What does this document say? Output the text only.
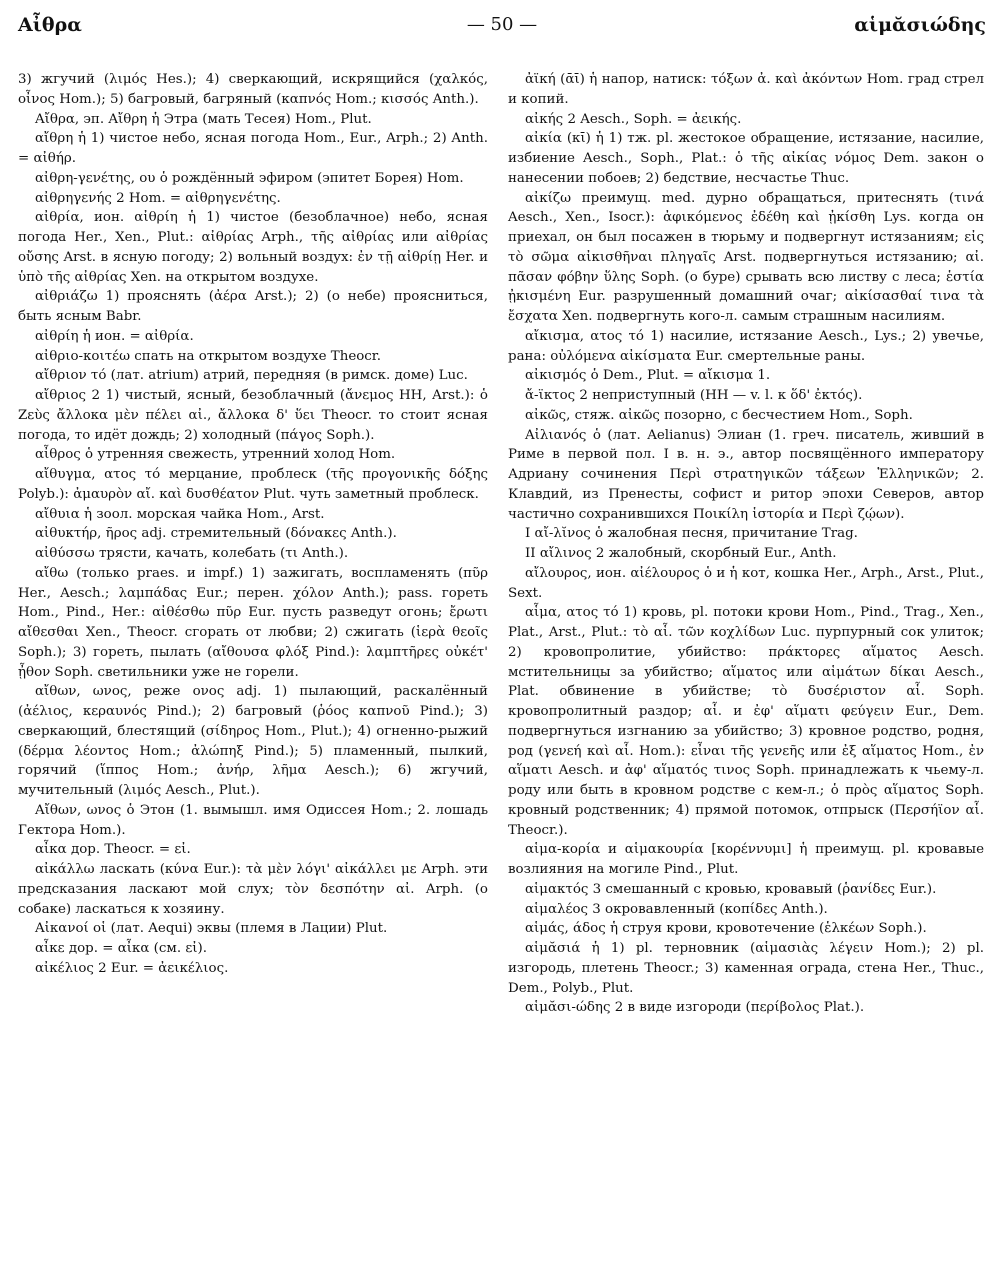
Αἶθρα	— 50 —	αἱμᾰσιώδης

3) жгучий (λιμός Hes.); 4) сверкающий, искрящийся (χαλκός, οἶνος Hom.); 5) багровый, багряный (καπνός Hom.; κισσός Anth.).

Αἴθρα, эп. Αἴθρη ἡ Этра (мать Тесея) Hom., Plut.

αἴθρη ἡ 1) чистое небо, ясная погода Hom., Eur., Arph.; 2) Anth. = αἰθήρ.

αἰθρη-γενέτης, ου ὁ рождённый эфиром (эпитет Борея) Hom.

αἰθρηγενής 2 Hom. = αἰθρηγενέτης.

αἰθρία, ион. αἰθρίη ἡ 1) чистое (безоблачное) небо, ясная погода Her., Xen., Plut.: αἰθρίας Arph., τῆς αἰθρίας или αἰθρίας οὔσης Arst. в ясную погоду; 2) вольный воздух: ἐν τῇ αἰθρίῃ Her. и ὑπὸ τῆς αἰθρίας Xen. на открытом воздухе.

αἰθριάζω 1) прояснять (ἀέρα Arst.); 2) (о небе) проясниться, быть ясным Babr.

αἰθρίη ἡ ион. = αἰθρία.

αἰθριο-κοιτέω спать на открытом воздухе Theocr.

αἴθριον τό (лат. atrium) атрий, передняя (в римск. доме) Luc.

αἴθριος 2 1) чистый, ясный, безоблачный (ἄνεμος HH, Arst.): ὁ Ζεὺς ἄλλοκα μὲν πέλει αἰ., ἄλλοκα δ' ὕει Theocr. то стоит ясная погода, то идёт дождь; 2) холодный (πάγος Soph.).

αἶθρος ὁ утренняя свежесть, утренний холод Hom.

αἴθυγμα, ατος τό мерцание, проблеск (τῆς προγονικῆς δόξης Polyb.): ἀμαυρὸν αἴ. καὶ δυσθέατον Plut. чуть заметный проблеск.

αἴθυια ἡ зоол. морская чайка Hom., Arst.

αἰθυκτήρ, ῆρος adj. стремительный (δόνακες Anth.).

αἰθύσσω трясти, качать, колебать (τι Anth.).

αἴθω (только praes. и impf.) 1) зажигать, воспламенять (πῦρ Her., Aesch.; λαμπάδας Eur.; перен. χόλον Anth.); pass. гореть Hom., Pind., Her.: αἰθέσθω πῦρ Eur. пусть разведут огонь; ἔρωτι αἴθεσθαι Xen., Theocr. сгорать от любви; 2) сжигать (ἱερὰ θεοῖς Soph.); 3) гореть, пылать (αἴθουσα φλόξ Pind.): λαμπτῆρες οὐκέτ' ᾖθον Soph. светильники уже не горели.

αἴθων, ωνος, реже ονος adj. 1) пылающий, раскалённый (ἀέλιος, κεραυνός Pind.); 2) багровый (ῥόος καπνοῦ Pind.); 3) сверкающий, блестящий (σίδηρος Hom., Plut.); 4) огненно-рыжий (δέρμα λέοντος Hom.; ἀλώπηξ Pind.); 5) пламенный, пылкий, горячий (ἵππος Hom.; ἀνήρ, λῆμα Aesch.); 6) жгучий, мучительный (λιμός Aesch., Plut.).

Αἴθων, ωνος ὁ Этон (1. вымышл. имя Одиссея Hom.; 2. лошадь Гектора Hom.).

αἶκα дор. Theocr. = εἰ.

αἰκάλλω ласкать (κύνα Eur.): τὰ μὲν λόγι' αἰκάλλει με Arph. эти предсказания ласкают мой слух; τὸν δεσπότην αἰ. Arph. (о собаке) ласкаться к хозяину.

Αἰκανοί οἱ (лат. Aequi) эквы (племя в Лации) Plut.

αἶκε дор. = αἶκα (см. εἰ).

αἰκέλιος 2 Eur. = ἀεικέλιος.

ἀϊκή (ᾱῑ) ἡ напор, натиск: τόξων ἀ. καὶ ἀκόντων Hom. град стрел и копий.

αἰκής 2 Aesch., Soph. = ἀεικής.

αἰκία (κῑ) ἡ 1) тж. pl. жестокое обращение, истязание, насилие, избиение Aesch., Soph., Plat.: ὁ τῆς αἰκίας νόμος Dem. закон о нанесении побоев; 2) бедствие, несчастье Thuc.

αἰκίζω преимущ. med. дурно обращаться, притеснять (τινά Aesch., Xen., Isocr.): ἀφικόμενος ἐδέθη καὶ ᾐκίσθη Lys. когда он приехал, он был посажен в тюрьму и подвергнут истязаниям; εἰς τὸ σῶμα αἰκισθῆναι πληγαῖς Arst. подвергнуться истязанию; αἰ. πᾶσαν φόβην ὕλης Soph. (о буре) срывать всю листву с леса; ἑστία ᾐκισμένη Eur. разрушенный домашний очаг; αἰκίσασθαί τινα τὰ ἔσχατα Xen. подвергнуть кого-л. самым страшным насилиям.

αἴκισμα, ατος τό 1) насилие, истязание Aesch., Lys.; 2) увечье, рана: οὐλόμενα αἰκίσματα Eur. смертельные раны.

αἰκισμός ὁ Dem., Plut. = αἴκισμα 1.

ἄ-ϊκτος 2 неприступный (HH — v. l. к ὅδ' ἐκτός).

αἰκῶς, стяж. αἰκῶς позорно, с бесчестием Hom., Soph.

Αἰλιανός ὁ (лат. Aelianus) Элиан (1. греч. писатель, живший в Риме в первой пол. I в. н. э., автор посвящённого императору Адриану сочинения Περὶ στρατηγικῶν τάξεων Ἑλληνικῶν; 2. Клавдий, из Пренесты, софист и ритор эпохи Северов, автор частично сохранившихся Ποικίλη ἱστορία и Περὶ ζῴων).

I αἴ-λῐνος ὁ жалобная песня, причитание Trag.

II αἴλινος 2 жалобный, скорбный Eur., Anth.

αἴλουρος, ион. αἰέλουρος ὁ и ἡ кот, кошка Her., Arph., Arst., Plut., Sext.

αἷμα, ατος τό 1) кровь, pl. потоки крови Hom., Pind., Trag., Xen., Plat., Arst., Plut.: τὸ αἷ. τῶν κοχλίδων Luc. пурпурный сок улиток; 2) кровопролитие, убийство: πράκτορες αἵματος Aesch. мстительницы за убийство; αἵματος или αἱμάτων δίκαι Aesch., Plat. обвинение в убийстве; τὸ δυσέριστον αἷ. Soph. кровопролитный раздор; αἷ. и ἐφ' αἵματι φεύγειν Eur., Dem. подвергнуться изгнанию за убийство; 3) кровное родство, родня, род (γενεή καὶ αἷ. Hom.): εἶναι τῆς γενεῆς или ἐξ αἵματος Hom., ἐν αἵματι Aesch. и ἀφ' αἵματός τινος Soph. принадлежать к чьему-л. роду или быть в кровном родстве с кем-л.; ὁ πρὸς αἵματος Soph. кровный родственник; 4) прямой потомок, отпрыск (Περσήϊον αἷ. Theocr.).

αἱμα-κορία и αἱμακουρία [κορέννυμι] ἡ преимущ. pl. кровавые возлияния на могиле Pind., Plut.

αἱμακτός 3 смешанный с кровью, кровавый (ῥανίδες Eur.).

αἱμαλέος 3 окровавленный (κοπίδες Anth.).

αἱμάς, άδος ἡ струя крови, кровотечение (ἑλκέων Soph.).

αἱμᾰσιά ἡ 1) pl. терновник (αἱμασιὰς λέγειν Hom.); 2) pl. изгородь, плетень Theocr.; 3) каменная ограда, стена Her., Thuc., Dem., Polyb., Plut.

αἱμᾰσι-ώδης 2 в виде изгороди (περίβολος Plat.).
